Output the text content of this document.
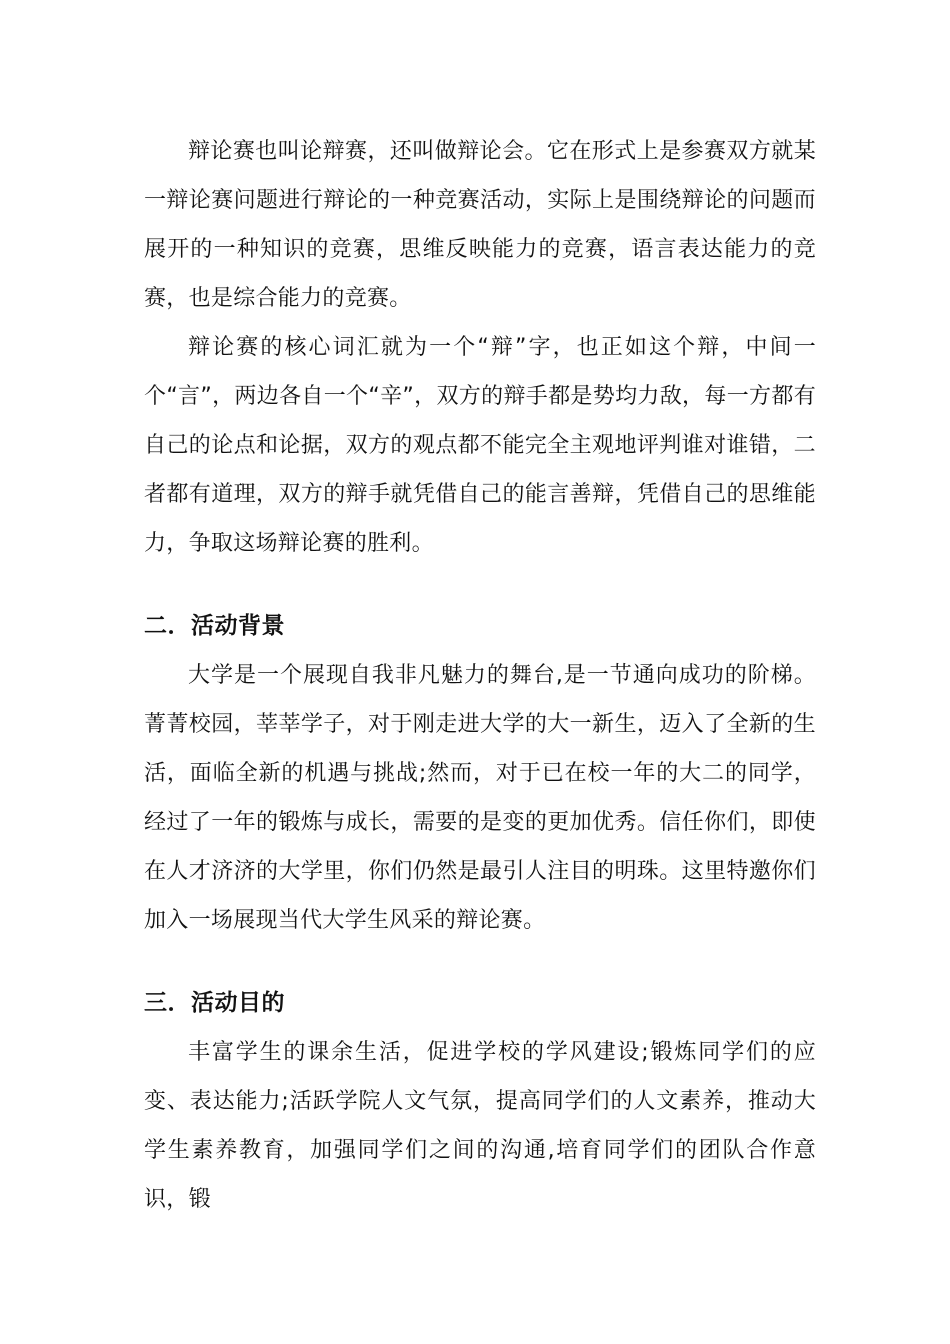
辩论赛也叫论辩赛，还叫做辩论会。它在形式上是参赛双方就某一辩论赛问题进行辩论的一种竞赛活动，实际上是围绕辩论的问题而展开的一种知识的竞赛，思维反映能力的竞赛，语言表达能力的竞赛，也是综合能力的竞赛。

辩论赛的核心词汇就为一个“辩”字，也正如这个辩，中间一个“言”，两边各自一个“辛”，双方的辩手都是势均力敌，每一方都有自己的论点和论据，双方的观点都不能完全主观地评判谁对谁错，二者都有道理，双方的辩手就凭借自己的能言善辩，凭借自己的思维能力，争取这场辩论赛的胜利。

二．活动背景

大学是一个展现自我非凡魅力的舞台,是一节通向成功的阶梯。菁菁校园，莘莘学子，对于刚走进大学的大一新生，迈入了全新的生活，面临全新的机遇与挑战;然而，对于已在校一年的大二的同学，经过了一年的锻炼与成长，需要的是变的更加优秀。信任你们，即使在人才济济的大学里，你们仍然是最引人注目的明珠。这里特邀你们加入一场展现当代大学生风采的辩论赛。

三．活动目的

丰富学生的课余生活，促进学校的学风建设;锻炼同学们的应变、表达能力;活跃学院人文气氛，提高同学们的人文素养，推动大学生素养教育，加强同学们之间的沟通,培育同学们的团队合作意识，锻
